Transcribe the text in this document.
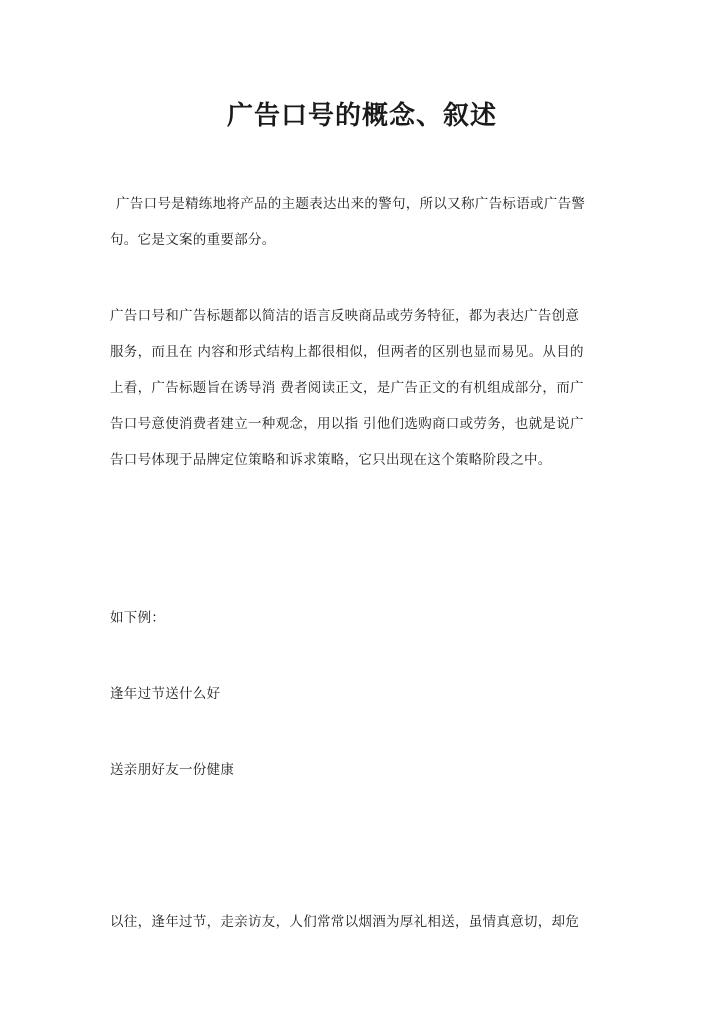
广告口号的概念、叙述
广告口号是精练地将产品的主题表达出来的警句，所以又称广告标语或广告警
句。它是文案的重要部分。
广告口号和广告标题都以简洁的语言反映商品或劳务特征，都为表达广告创意
服务，而且在 内容和形式结构上都很相似，但两者的区别也显而易见。从目的
上看，广告标题旨在诱导消 费者阅读正文，是广告正文的有机组成部分，而广
告口号意使消费者建立一种观念，用以指 引他们选购商口或劳务，也就是说广
告口号体现于品牌定位策略和诉求策略，它只出现在这个策略阶段之中。

如下例：

逢年过节送什么好

送亲朋好友一份健康

以往，逢年过节，走亲访友，人们常常以烟酒为厚礼相送，虽情真意切，却危
